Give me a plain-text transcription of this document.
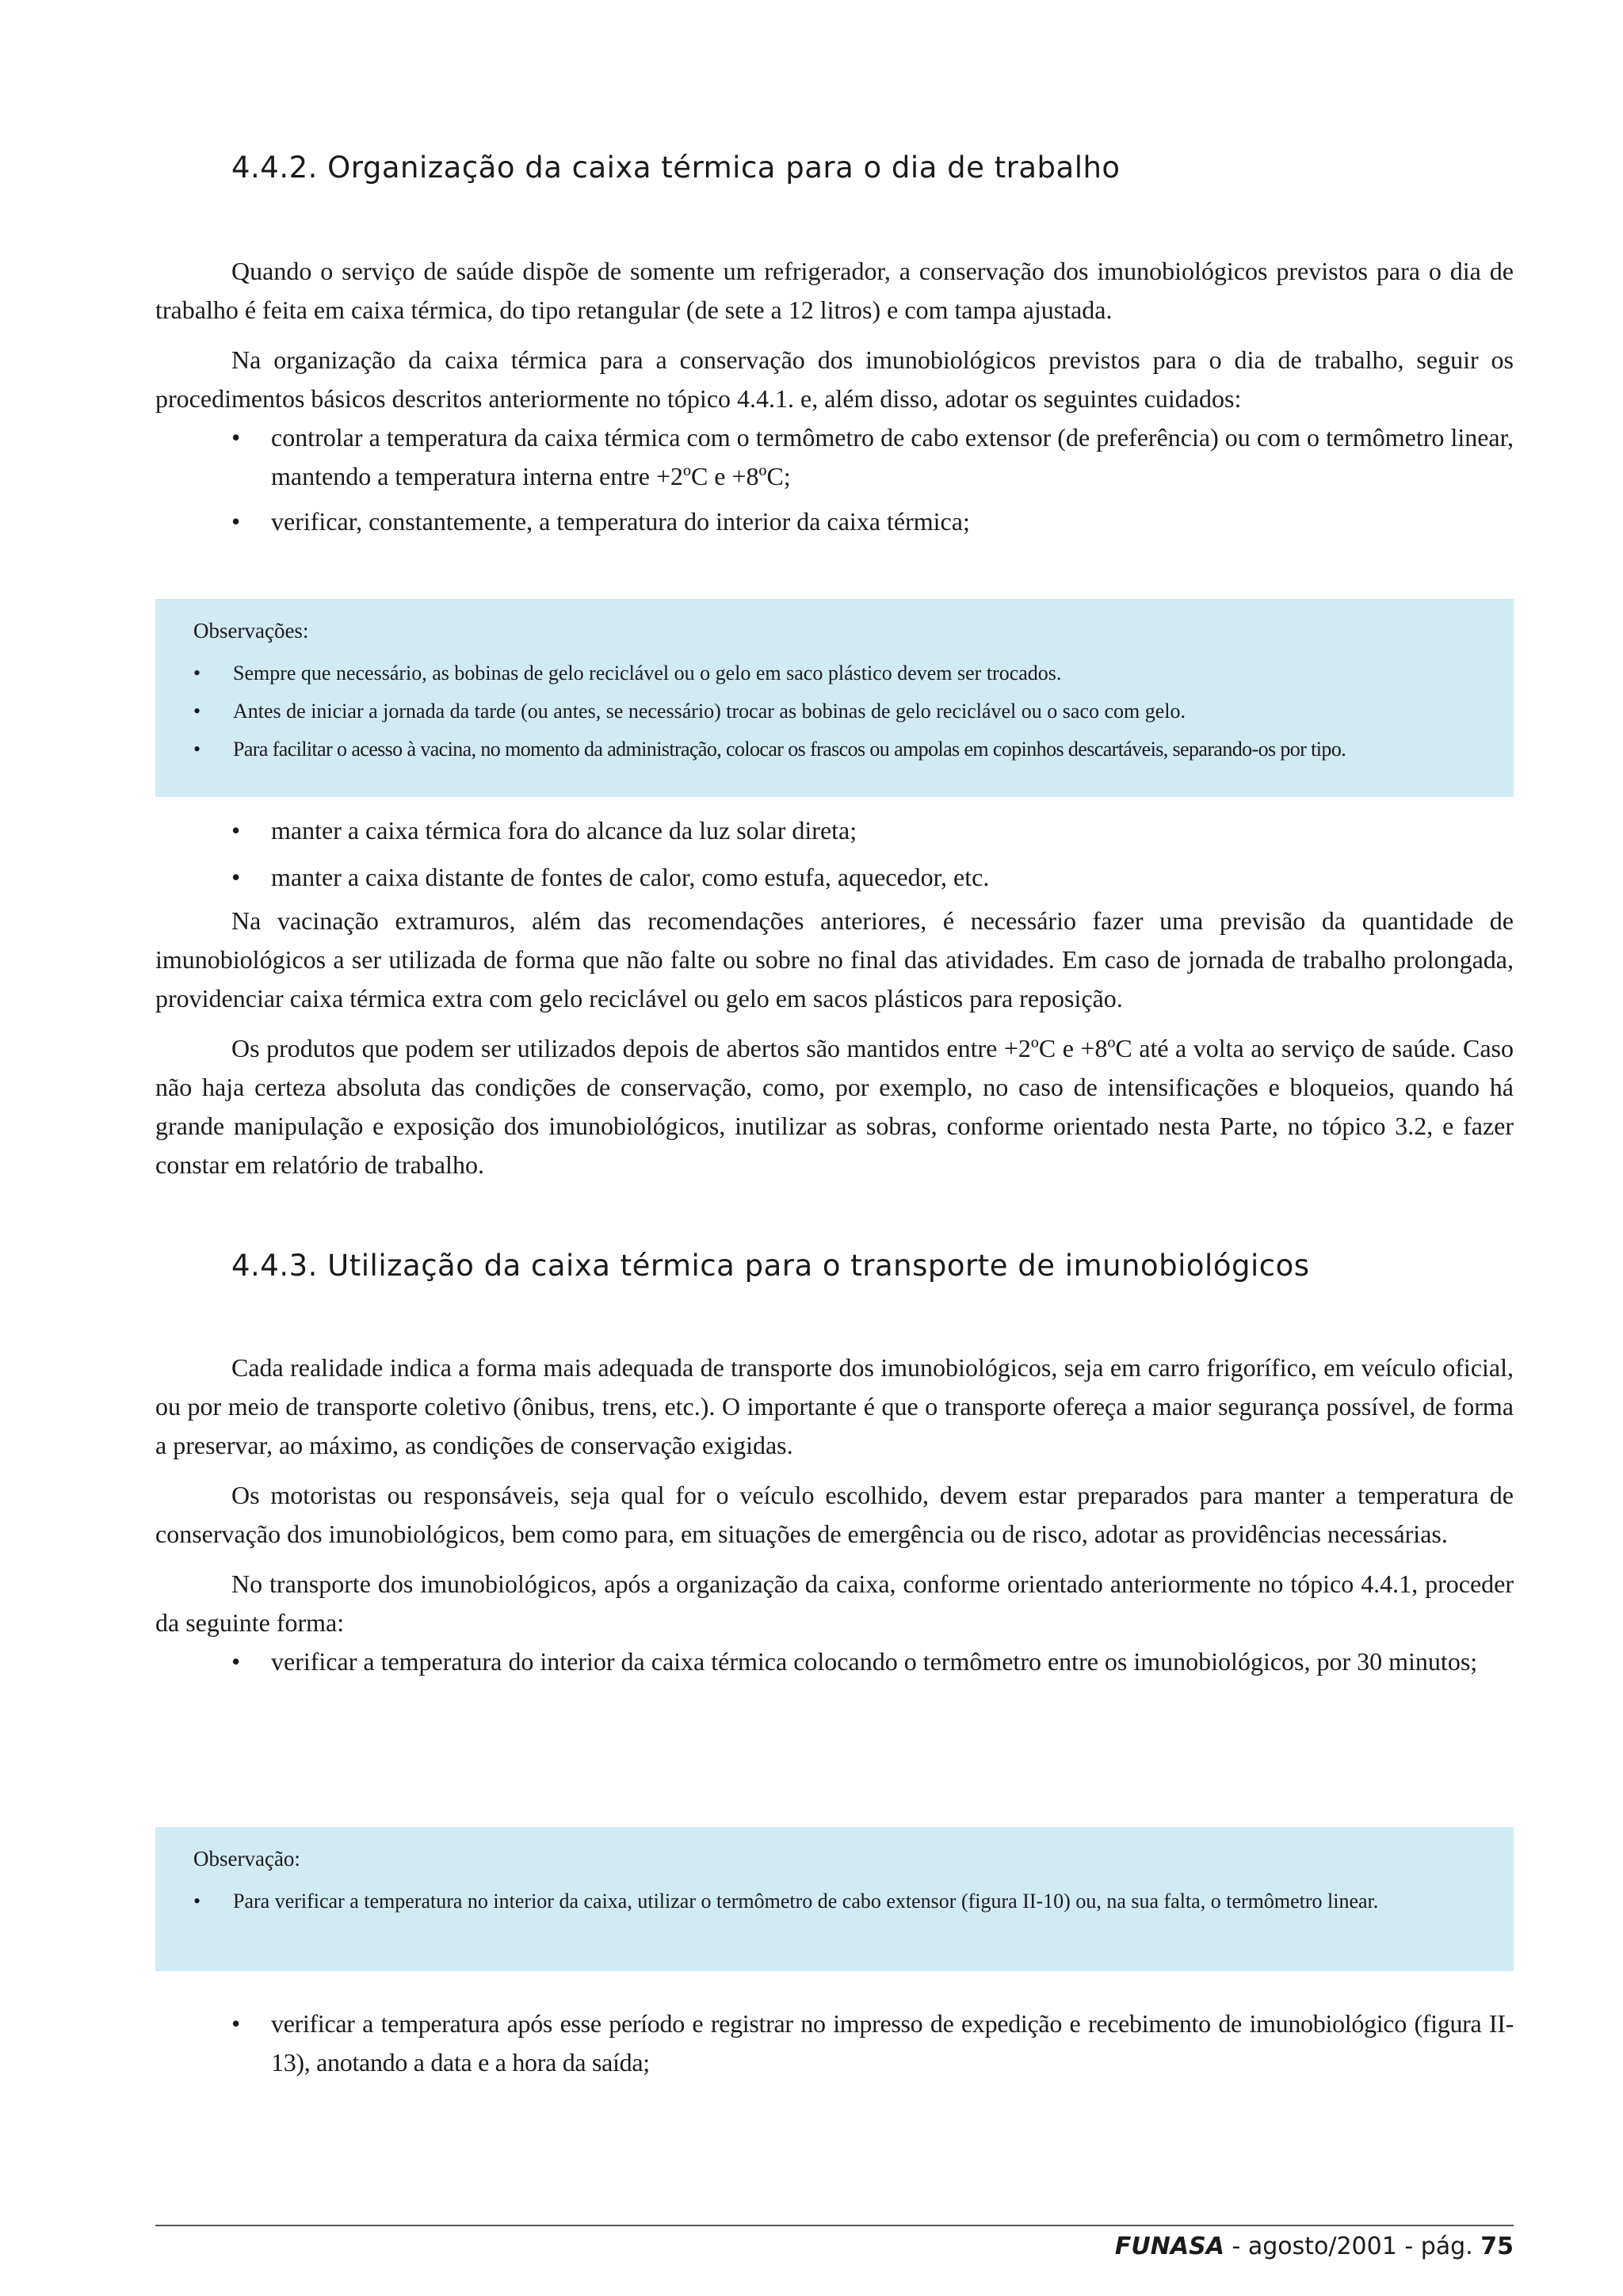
4.4.2. Organização da caixa térmica para o dia de trabalho

Quando o serviço de saúde dispõe de somente um refrigerador, a conservação dos imunobiológicos previstos para o dia de trabalho é feita em caixa térmica, do tipo retangular (de sete a 12 litros) e com tampa ajustada.

Na organização da caixa térmica para a conservação dos imunobiológicos previstos para o dia de trabalho, seguir os procedimentos básicos descritos anteriormente no tópico 4.4.1. e, além disso, adotar os seguintes cuidados:

• controlar a temperatura da caixa térmica com o termômetro de cabo extensor (de preferência) ou com o termômetro linear, mantendo a temperatura interna entre +2ºC e +8ºC;
• verificar, constantemente, a temperatura do interior da caixa térmica;
Observações:
• Sempre que necessário, as bobinas de gelo reciclável ou o gelo em saco plástico devem ser trocados.
• Antes de iniciar a jornada da tarde (ou antes, se necessário) trocar as bobinas de gelo reciclável ou o saco com gelo.
• Para facilitar o acesso à vacina, no momento da administração, colocar os frascos ou ampolas em copinhos descartáveis, separando-os por tipo.
• manter a caixa térmica fora do alcance da luz solar direta;
• manter a caixa distante de fontes de calor, como estufa, aquecedor, etc.

Na vacinação extramuros, além das recomendações anteriores, é necessário fazer uma previsão da quantidade de imunobiológicos a ser utilizada de forma que não falte ou sobre no final das atividades. Em caso de jornada de trabalho prolongada, providenciar caixa térmica extra com gelo reciclável ou gelo em sacos plásticos para reposição.

Os produtos que podem ser utilizados depois de abertos são mantidos entre +2ºC e +8ºC até a volta ao serviço de saúde. Caso não haja certeza absoluta das condições de conservação, como, por exemplo, no caso de intensificações e bloqueios, quando há grande manipulação e exposição dos imunobiológicos, inutilizar as sobras, conforme orientado nesta Parte, no tópico 3.2, e fazer constar em relatório de trabalho.

4.4.3. Utilização da caixa térmica para o transporte de imunobiológicos

Cada realidade indica a forma mais adequada de transporte dos imunobiológicos, seja em carro frigorífico, em veículo oficial, ou por meio de transporte coletivo (ônibus, trens, etc.). O importante é que o transporte ofereça a maior segurança possível, de forma a preservar, ao máximo, as condições de conservação exigidas.

Os motoristas ou responsáveis, seja qual for o veículo escolhido, devem estar preparados para manter a temperatura de conservação dos imunobiológicos, bem como para, em situações de emergência ou de risco, adotar as providências necessárias.

No transporte dos imunobiológicos, após a organização da caixa, conforme orientado anteriormente no tópico 4.4.1, proceder da seguinte forma:

• verificar a temperatura do interior da caixa térmica colocando o termômetro entre os imunobiológicos, por 30 minutos;
Observação:
• Para verificar a temperatura no interior da caixa, utilizar o termômetro de cabo extensor (figura II-10) ou, na sua falta, o termômetro linear.
• verificar a temperatura após esse período e registrar no impresso de expedição e recebimento de imunobiológico (figura II-13), anotando a data e a hora da saída;
FUNASA - agosto/2001 - pág. 75
